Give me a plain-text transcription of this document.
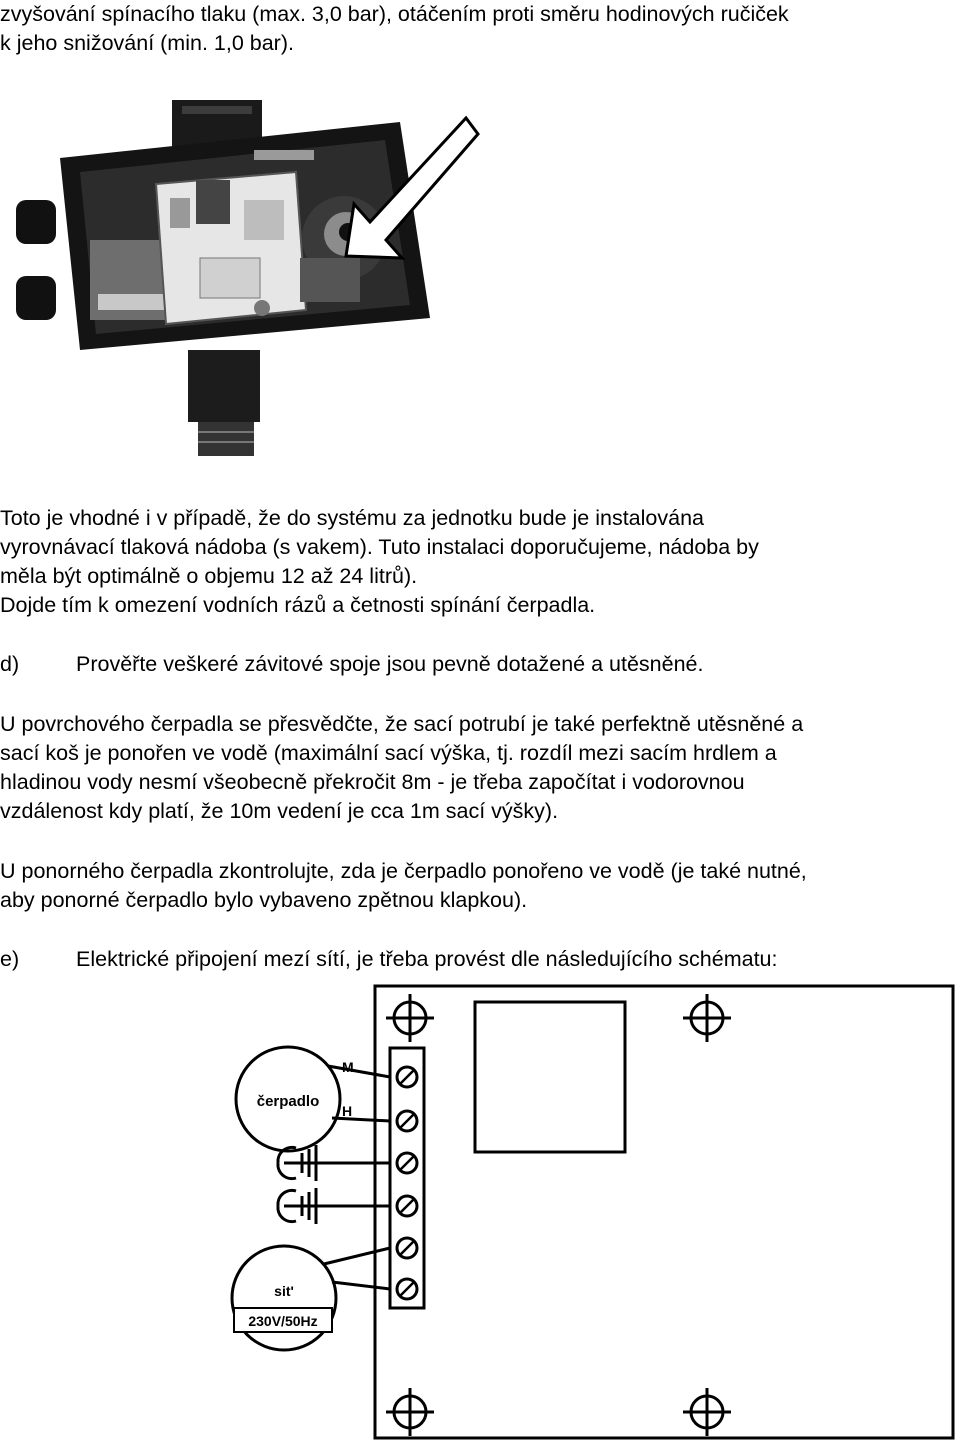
zvyšování spínacího tlaku (max. 3,0 bar), otáčením proti směru hodinových ručiček
k jeho snižování (min. 1,0 bar).
Toto je vhodné i v případě, že do systému za jednotku bude je instalována
vyrovnávací tlaková nádoba (s vakem). Tuto instalaci doporučujeme, nádoba by
měla být optimálně o objemu 12 až 24 litrů).
Dojde tím k omezení vodních rázů a četnosti spínání čerpadla.
d)	Prověřte veškeré závitové spoje jsou pevně dotažené a utěsněné.
U povrchového čerpadla se přesvědčte, že sací potrubí je také perfektně utěsněné a
sací koš je ponořen ve vodě (maximální sací výška, tj. rozdíl mezi sacím hrdlem a
hladinou vody nesmí všeobecně překročit 8m - je třeba započítat i vodorovnou
vzdálenost kdy platí, že 10m vedení je cca 1m sací výšky).
U ponorného čerpadla zkontrolujte, zda je čerpadlo ponořeno ve vodě (je také nutné,
aby ponorné čerpadlo bylo vybaveno zpětnou klapkou).
e)	Elektrické připojení mezí sítí, je třeba provést dle následujícího schématu:
čerpadlo
M
H
sit'
230V/50Hz
